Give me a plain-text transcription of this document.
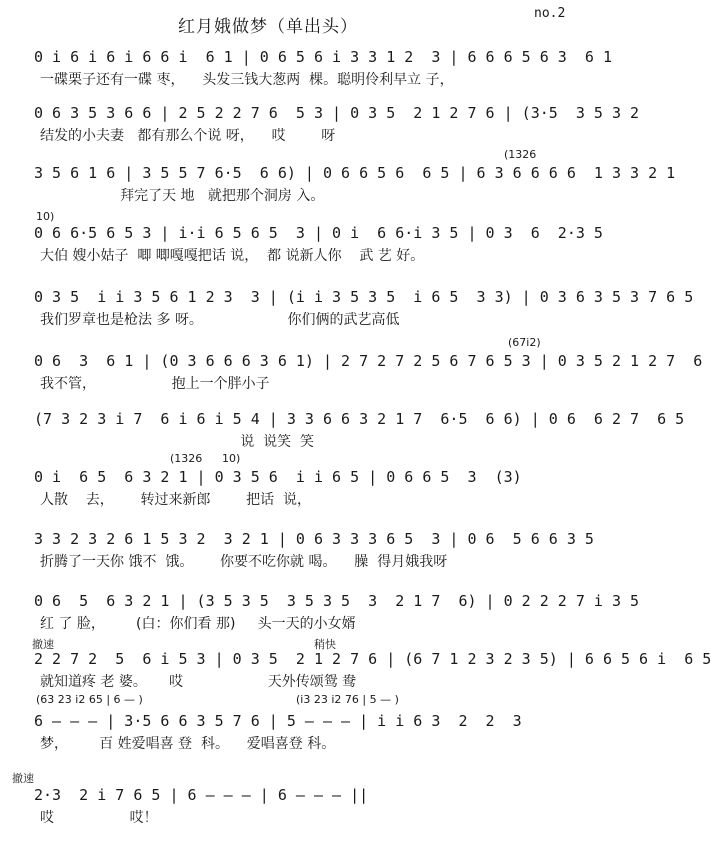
红月娥做梦（单出头）
no.2
0 i 6 i 6 i 6 6 i  6 1 | 0 6 5 6 i 3 3 1 2  3 | 6 6 6 5 6 3  6 1
一碟栗子还有一碟 枣，    头发三钱大葱两  棵。聪明伶利早立 子，
0 6 3 5 3 6 6 | 2 5 2 2 7 6  5 3 | 0 3 5  2 1 2 7 6 | (3·5  3 5 3 2
结发的小夫妻   都有那么个说 呀，    哎        呀
3 5 6 1 6 | 3 5 5 7 6·5  6 6) | 0 6 6 5 6  6 5 | 6 3 6 6 6 6  1 3 3 2 1
拜完了天 地   就把那个洞房 入。
(1326
0 6 6·5 6 5 3 | i·i 6 5 6 5  3 | 0 i  6 6·i 3 5 | 0 3  6  2·3 5
大伯 嫂小姑子  唧 唧嘎嘎把话 说，  都 说新人你    武 艺 好。
10)
0 3 5  i i 3 5 6 1 2 3  3 | (i i 3 5 3 5  i 6 5  3 3) | 0 3 6 3 5 3 7 6 5
我们罗章也是枪法 多 呀。                   你们俩的武艺高低
0 6  3  6 1 | (0 3 6 6 6 3 6 1) | 2 7 2 7 2 5 6 7 6 5 3 | 0 3 5 2 1 2 7  6
我不管，                 抱上一个胖小子
(67i2)
(7 3 2 3 i 7  6 i 6 i 5 4 | 3 3 6 6 3 2 1 7  6·5  6 6) | 0 6  6 2 7  6 5
说  说笑  笑
0 i  6 5  6 3 2 1 | 0 3 5 6  i i 6 5 | 0 6 6 5  3  (3)
人散    去，      转过来新郎        把话  说，
(1326 10)
3 3 2 3 2 6 1 5 3 2  3 2 1 | 0 6 3 3 3 6 5  3 | 0 6  5 6 6 3 5
折腾了一天你 饿不  饿。      你要不吃你就 喝。    臊  得月娥我呀
0 6  5  6 3 2 1 | (3 5 3 5  3 5 3 5  3  2 1 7  6) | 0 2 2 2 7 i 3 5
红 了 脸，       (白：你们看 那)     头一天的小女婿
2 2 7 2  5  6 i 5 3 | 0 3 5  2 1 2 7 6 | (6 7 1 2 3 2 3 5) | 6 6 5 6 i  6 5
就知道疼 老 婆。     哎                   天外传颂鸳 鸯
撤速	稍快
6 — — — | 3·5 6 6 3 5 7 6 | 5 — — — | i i 6 3  2  2  3
梦，       百 姓爱唱喜 登  科。    爱唱喜登 科。
(63 23 i2 65 | 6 — )	(i3 23 i2 76 | 5 — )
2·3  2 i 7 6 5 | 6 — — — | 6 — — — ||
哎                 哎！
撤速
